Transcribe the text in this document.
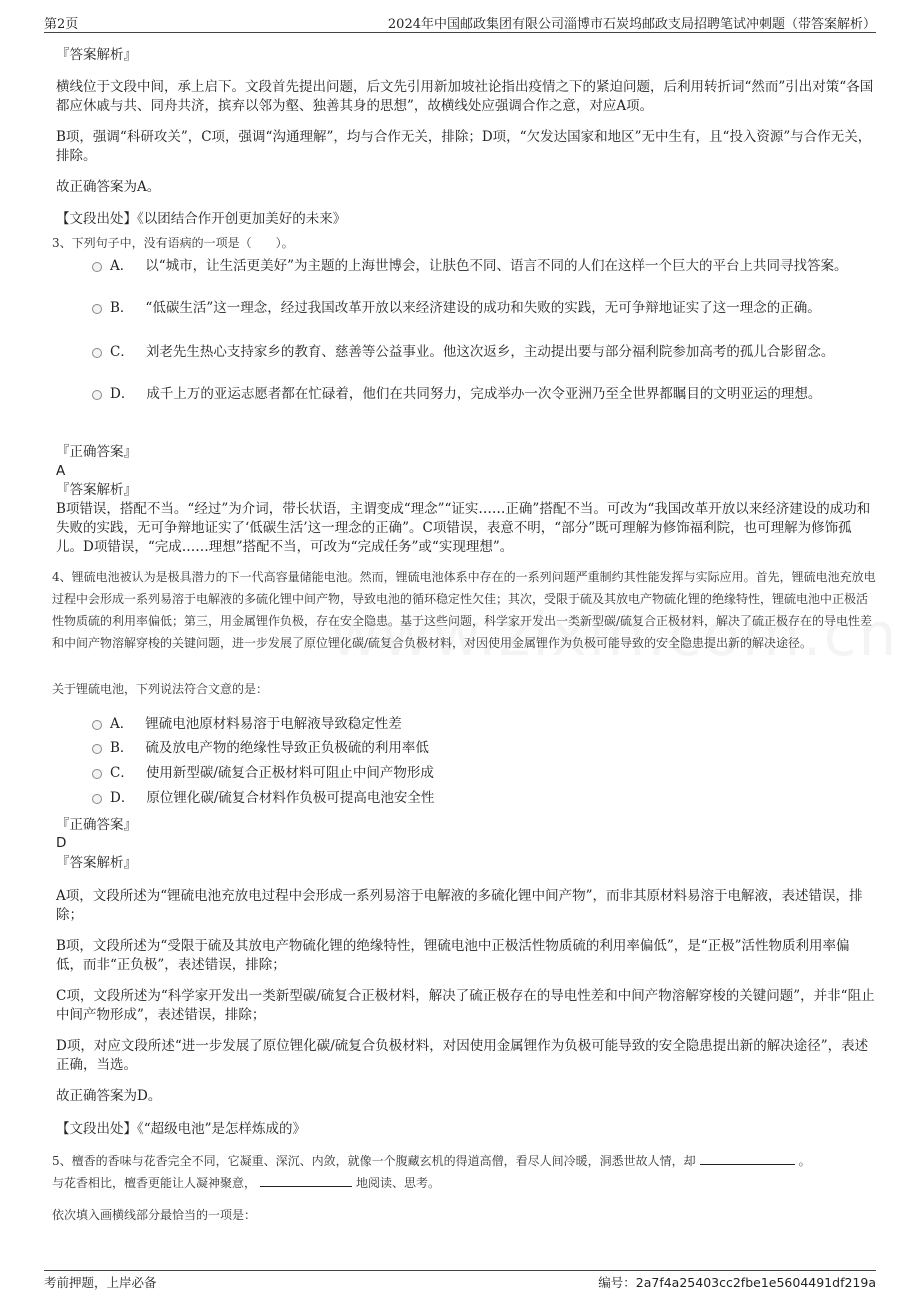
第2页	2024年中国邮政集团有限公司淄博市石炭坞邮政支局招聘笔试冲刺题（带答案解析）
『答案解析』
横线位于文段中间，承上启下。文段首先提出问题，后文先引用新加坡社论指出疫情之下的紧迫问题，后利用转折词“然而”引出对策“各国都应休戚与共、同舟共济，摈弃以邻为壑、独善其身的思想”，故横线处应强调合作之意，对应A项。
B项，强调“科研攻关”，C项，强调“沟通理解”，均与合作无关，排除；D项，“欠发达国家和地区”无中生有，且“投入资源”与合作无关，排除。
故正确答案为A。
【文段出处】《以团结合作开创更加美好的未来》
3、下列句子中，没有语病的一项是（　　）。
A． 以“城市，让生活更美好”为主题的上海世博会，让肤色不同、语言不同的人们在这样一个巨大的平台上共同寻找答案。
B． “低碳生活”这一理念，经过我国改革开放以来经济建设的成功和失败的实践，无可争辩地证实了这一理念的正确。
C． 刘老先生热心支持家乡的教育、慈善等公益事业。他这次返乡，主动提出要与部分福利院参加高考的孤儿合影留念。
D． 成千上万的亚运志愿者都在忙碌着，他们在共同努力，完成举办一次令亚洲乃至全世界都瞩目的文明亚运的理想。
『正确答案』
A
『答案解析』
B项错误，搭配不当。“经过”为介词，带长状语，主谓变成“理念”“证实……正确”搭配不当。可改为“我国改革开放以来经济建设的成功和失败的实践，无可争辩地证实了‘低碳生活’这一理念的正确”。C项错误，表意不明，“部分”既可理解为修饰福利院，也可理解为修饰孤儿。D项错误，“完成……理想”搭配不当，可改为“完成任务”或“实现理想”。
4、锂硫电池被认为是极具潜力的下一代高容量储能电池。然而，锂硫电池体系中存在的一系列问题严重制约其性能发挥与实际应用。首先，锂硫电池充放电过程中会形成一系列易溶于电解液的多硫化锂中间产物，导致电池的循环稳定性欠佳；其次，受限于硫及其放电产物硫化锂的绝缘特性，锂硫电池中正极活性物质硫的利用率偏低；第三，用金属锂作负极，存在安全隐患。基于这些问题，科学家开发出一类新型碳/硫复合正极材料，解决了硫正极存在的导电性差和中间产物溶解穿梭的关键问题，进一步发展了原位锂化碳/硫复合负极材料，对因使用金属锂作为负极可能导致的安全隐患提出新的解决途径。
关于锂硫电池，下列说法符合文意的是：
A． 锂硫电池原材料易溶于电解液导致稳定性差
B． 硫及放电产物的绝缘性导致正负极硫的利用率低
C． 使用新型碳/硫复合正极材料可阻止中间产物形成
D． 原位锂化碳/硫复合材料作负极可提高电池安全性
『正确答案』
D
『答案解析』
A项，文段所述为“锂硫电池充放电过程中会形成一系列易溶于电解液的多硫化锂中间产物”，而非其原材料易溶于电解液，表述错误，排除；
B项，文段所述为“受限于硫及其放电产物硫化锂的绝缘特性，锂硫电池中正极活性物质硫的利用率偏低”，是“正极”活性物质利用率偏低，而非“正负极”，表述错误，排除；
C项，文段所述为“科学家开发出一类新型碳/硫复合正极材料，解决了硫正极存在的导电性差和中间产物溶解穿梭的关键问题”，并非“阻止中间产物形成”，表述错误，排除；
D项，对应文段所述“进一步发展了原位锂化碳/硫复合负极材料，对因使用金属锂作为负极可能导致的安全隐患提出新的解决途径”，表述正确，当选。
故正确答案为D。
【文段出处】《“超级电池”是怎样炼成的》
5、檀香的香味与花香完全不同，它凝重、深沉、内敛，就像一个腹藏玄机的得道高僧，看尽人间冷暖，洞悉世故人情，却	。
与花香相比，檀香更能让人凝神聚意，	地阅读、思考。
依次填入画横线部分最恰当的一项是：
考前押题，上岸必备	编号：2a7f4a25403cc2fbe1e5604491df219a
